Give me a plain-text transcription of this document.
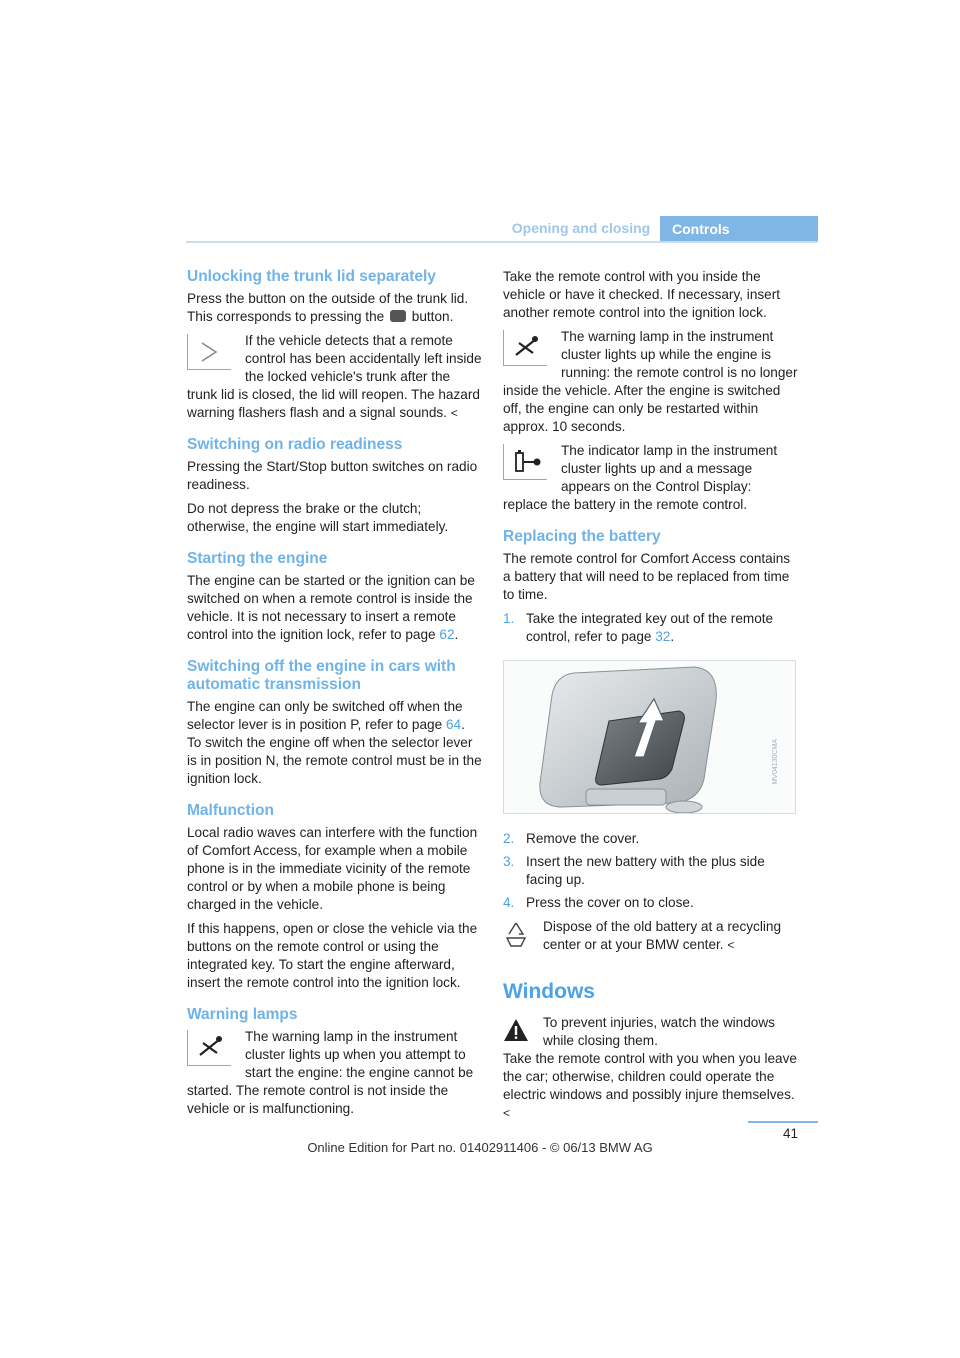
Opening and closing	Controls
Unlocking the trunk lid separately

Press the button on the outside of the trunk lid. This corresponds to pressing the button.

If the vehicle detects that a remote control has been accidentally left inside the locked vehicle's trunk after the trunk lid is closed, the lid will reopen. The hazard warning flashers flash and a signal sounds. <
Switching on radio readiness

Pressing the Start/Stop button switches on radio readiness.

Do not depress the brake or the clutch; otherwise, the engine will start immediately.

Starting the engine

The engine can be started or the ignition can be switched on when a remote control is inside the vehicle. It is not necessary to insert a remote control into the ignition lock, refer to page 62.

Switching off the engine in cars with automatic transmission

The engine can only be switched off when the selector lever is in position P, refer to page 64. To switch the engine off when the selector lever is in position N, the remote control must be in the ignition lock.

Malfunction

Local radio waves can interfere with the function of Comfort Access, for example when a mobile phone is in the immediate vicinity of the remote control or by when a mobile phone is being charged in the vehicle.

If this happens, open or close the vehicle via the buttons on the remote control or using the integrated key. To start the engine afterward, insert the remote control into the ignition lock.

Warning lamps
The warning lamp in the instrument cluster lights up when you attempt to start the engine: the engine cannot be started. The remote control is not inside the vehicle or is malfunctioning.

Take the remote control with you inside the vehicle or have it checked. If necessary, insert another remote control into the ignition lock.

The warning lamp in the instrument cluster lights up while the engine is running: the remote control is no longer inside the vehicle. After the engine is switched off, the engine can only be restarted within approx. 10 seconds.
The indicator lamp in the instrument cluster lights up and a message appears on the Control Display: replace the battery in the remote control.
Replacing the battery

The remote control for Comfort Access contains a battery that will need to be replaced from time to time.

1. Take the integrated key out of the remote control, refer to page 32.
MV04130CMA
2. Remove the cover.
3. Insert the new battery with the plus side facing up.
4. Press the cover on to close.
Dispose of the old battery at a recycling center or at your BMW center. <
Windows
To prevent injuries, watch the windows while closing them.
Take the remote control with you when you leave the car; otherwise, children could operate the electric windows and possibly injure themselves. <
41
Online Edition for Part no. 01402911406 - © 06/13 BMW AG
